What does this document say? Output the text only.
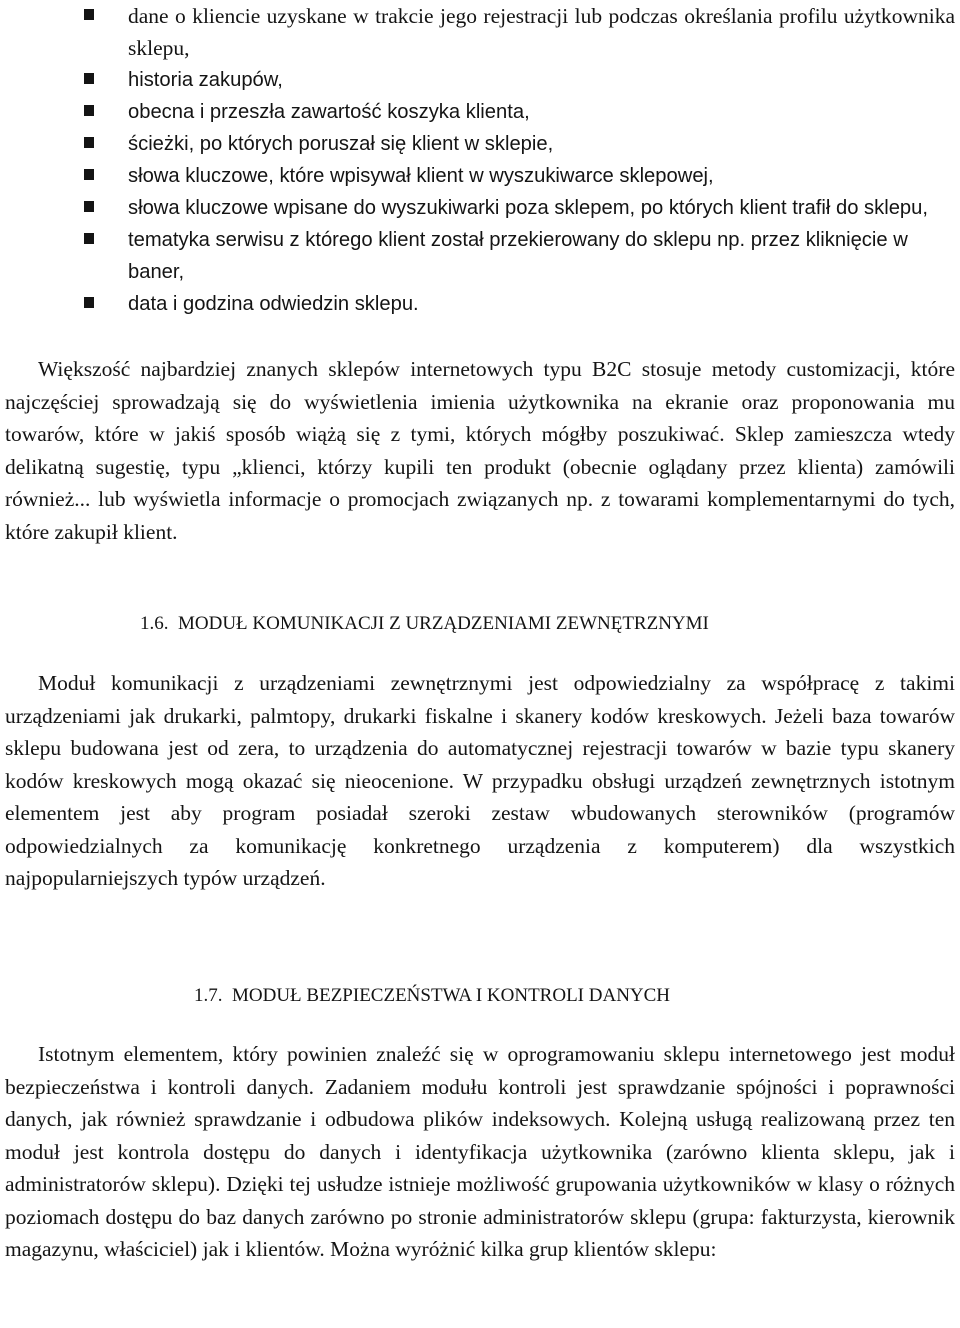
dane o kliencie uzyskane w trakcie jego rejestracji lub podczas określania profilu użytkownika sklepu,
historia zakupów,
obecna i przeszła zawartość koszyka klienta,
ścieżki, po których poruszał się klient w sklepie,
słowa kluczowe, które wpisywał klient w wyszukiwarce sklepowej,
słowa kluczowe wpisane do wyszukiwarki poza sklepem, po których klient trafił do sklepu,
tematyka serwisu z którego klient został przekierowany do sklepu np. przez kliknięcie w baner,
data i godzina odwiedzin sklepu.

Większość najbardziej znanych sklepów internetowych typu B2C stosuje metody customizacji, które najczęściej sprowadzają się do wyświetlenia imienia użytkownika na ekranie oraz proponowania mu towarów, które w jakiś sposób wiążą się z tymi, których mógłby poszukiwać. Sklep zamieszcza wtedy delikatną sugestię, typu „klienci, którzy kupili ten produkt (obecnie oglądany przez klienta) zamówili również... lub wyświetla informacje o promocjach związanych np. z towarami komplementarnymi do tych, które zakupił klient.

1.6. MODUŁ KOMUNIKACJI Z URZĄDZENIAMI ZEWNĘTRZNYMI

Moduł komunikacji z urządzeniami zewnętrznymi jest odpowiedzialny za współpracę z takimi urządzeniami jak drukarki, palmtopy, drukarki fiskalne i skanery kodów kreskowych. Jeżeli baza towarów sklepu budowana jest od zera, to urządzenia do automatycznej rejestracji towarów w bazie typu skanery kodów kreskowych mogą okazać się nieocenione. W przypadku obsługi urządzeń zewnętrznych istotnym elementem jest aby program posiadał szeroki zestaw wbudowanych sterowników (programów odpowiedzialnych za komunikację konkretnego urządzenia z komputerem) dla wszystkich najpopularniejszych typów urządzeń.

1.7. MODUŁ BEZPIECZEŃSTWA I KONTROLI DANYCH

Istotnym elementem, który powinien znaleźć się w oprogramowaniu sklepu internetowego jest moduł bezpieczeństwa i kontroli danych. Zadaniem modułu kontroli jest sprawdzanie spójności i poprawności danych, jak również sprawdzanie i odbudowa plików indeksowych. Kolejną usługą realizowaną przez ten moduł jest kontrola dostępu do danych i identyfikacja użytkownika (zarówno klienta sklepu, jak i administratorów sklepu). Dzięki tej usłudze istnieje możliwość grupowania użytkowników w klasy o różnych poziomach dostępu do baz danych zarówno po stronie administratorów sklepu (grupa: fakturzysta, kierownik magazynu, właściciel) jak i klientów. Można wyróżnić kilka grup klientów sklepu:
